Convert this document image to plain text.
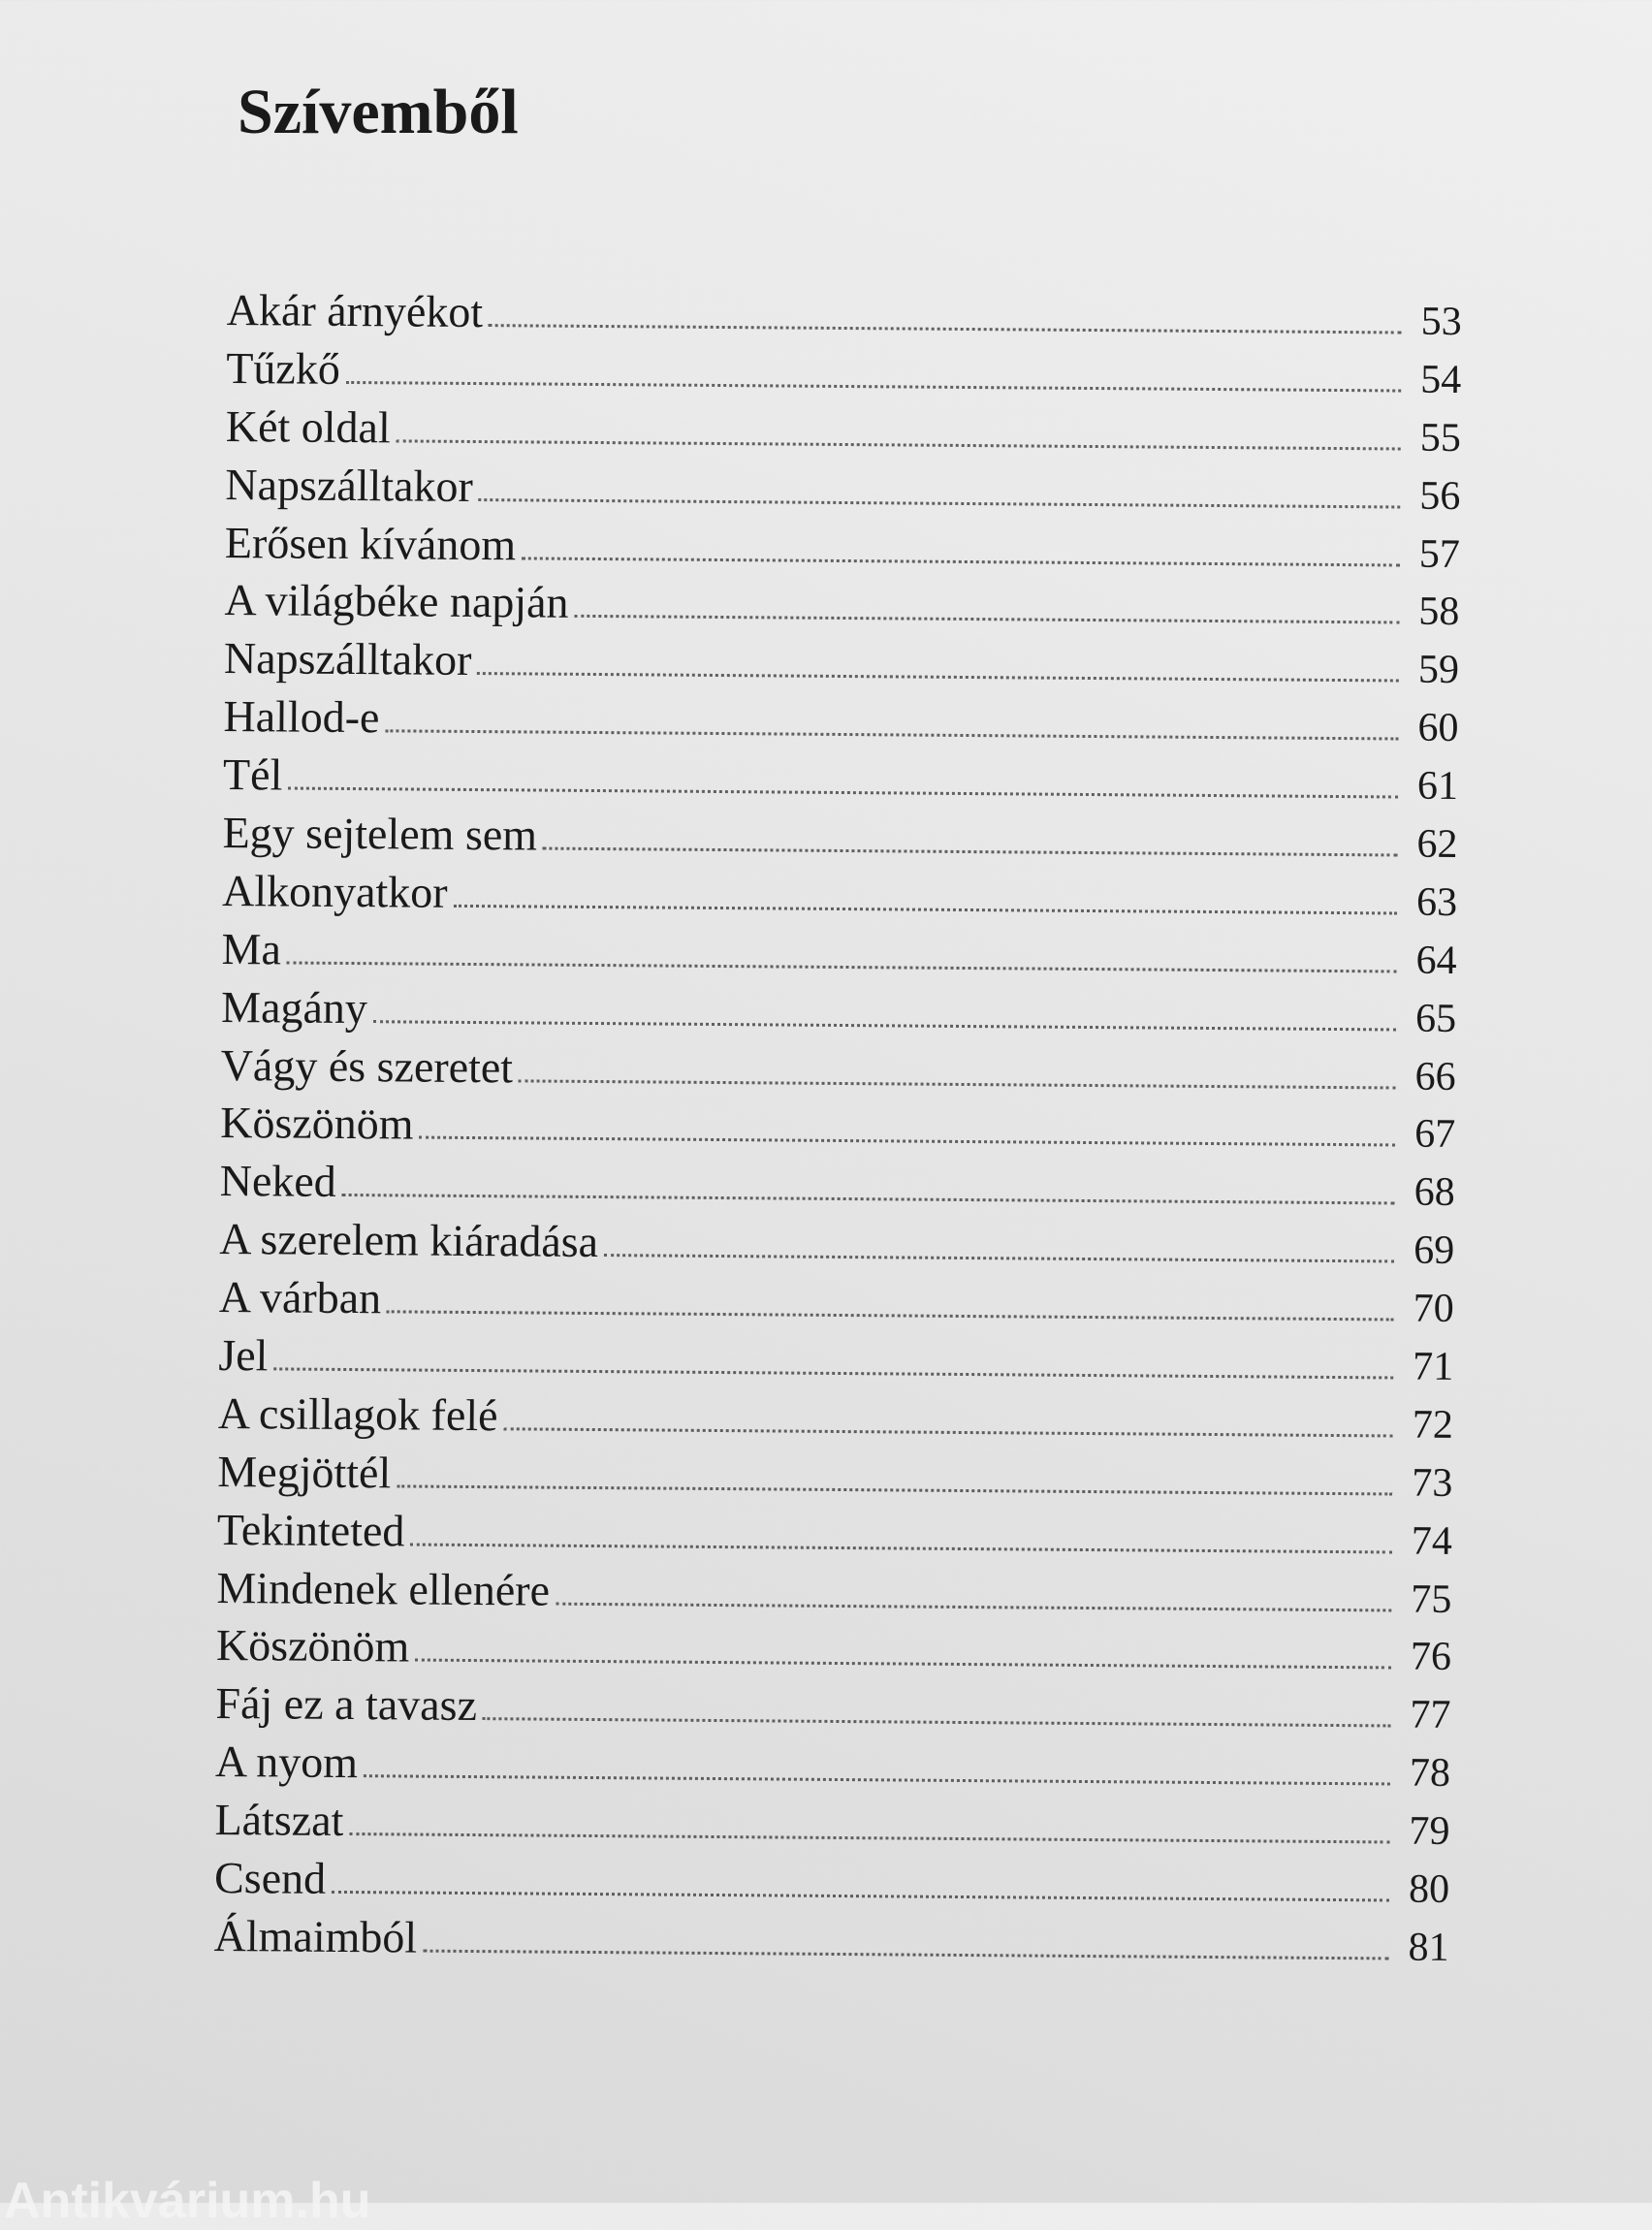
Szívemből
Akár árnyékot	53
Tűzkő	54
Két oldal	55
Napszálltakor	56
Erősen kívánom	57
A világbéke napján	58
Napszálltakor	59
Hallod-e	60
Tél	61
Egy sejtelem sem	62
Alkonyatkor	63
Ma	64
Magány	65
Vágy és szeretet	66
Köszönöm	67
Neked	68
A szerelem kiáradása	69
A várban	70
Jel	71
A csillagok felé	72
Megjöttél	73
Tekinteted	74
Mindenek ellenére	75
Köszönöm	76
Fáj ez a tavasz	77
A nyom	78
Látszat	79
Csend	80
Álmaimból	81
Antikvárium.hu
